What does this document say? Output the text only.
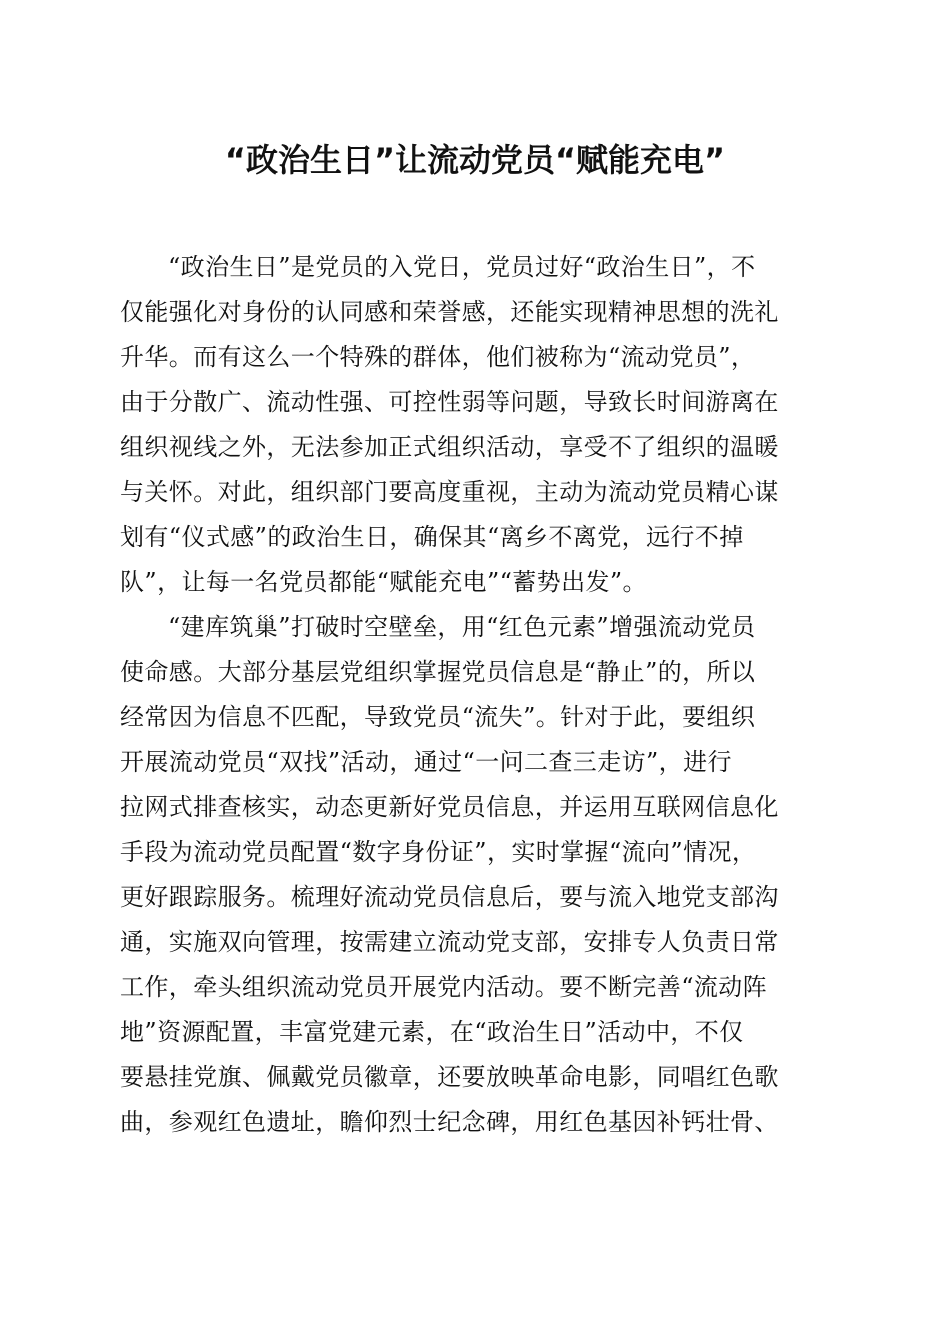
“政治生日”让流动党员“赋能充电”

“政治生日”是党员的入党日，党员过好“政治生日”，不

仅能强化对身份的认同感和荣誉感，还能实现精神思想的洗礼

升华。而有这么一个特殊的群体，他们被称为“流动党员”，

由于分散广、流动性强、可控性弱等问题，导致长时间游离在

组织视线之外，无法参加正式组织活动，享受不了组织的温暖

与关怀。对此，组织部门要高度重视，主动为流动党员精心谋

划有“仪式感”的政治生日，确保其“离乡不离党，远行不掉

队”，让每一名党员都能“赋能充电”“蓄势出发”。

“建库筑巢”打破时空壁垒，用“红色元素”增强流动党员

使命感。大部分基层党组织掌握党员信息是“静止”的，所以

经常因为信息不匹配，导致党员“流失”。针对于此，要组织

开展流动党员“双找”活动，通过“一问二查三走访”，进行

拉网式排查核实，动态更新好党员信息，并运用互联网信息化

手段为流动党员配置“数字身份证”，实时掌握“流向”情况，

更好跟踪服务。梳理好流动党员信息后，要与流入地党支部沟

通，实施双向管理，按需建立流动党支部，安排专人负责日常

工作，牵头组织流动党员开展党内活动。要不断完善“流动阵

地”资源配置，丰富党建元素，在“政治生日”活动中，不仅

要悬挂党旗、佩戴党员徽章，还要放映革命电影，同唱红色歌

曲，参观红色遗址，瞻仰烈士纪念碑，用红色基因补钙壮骨、
